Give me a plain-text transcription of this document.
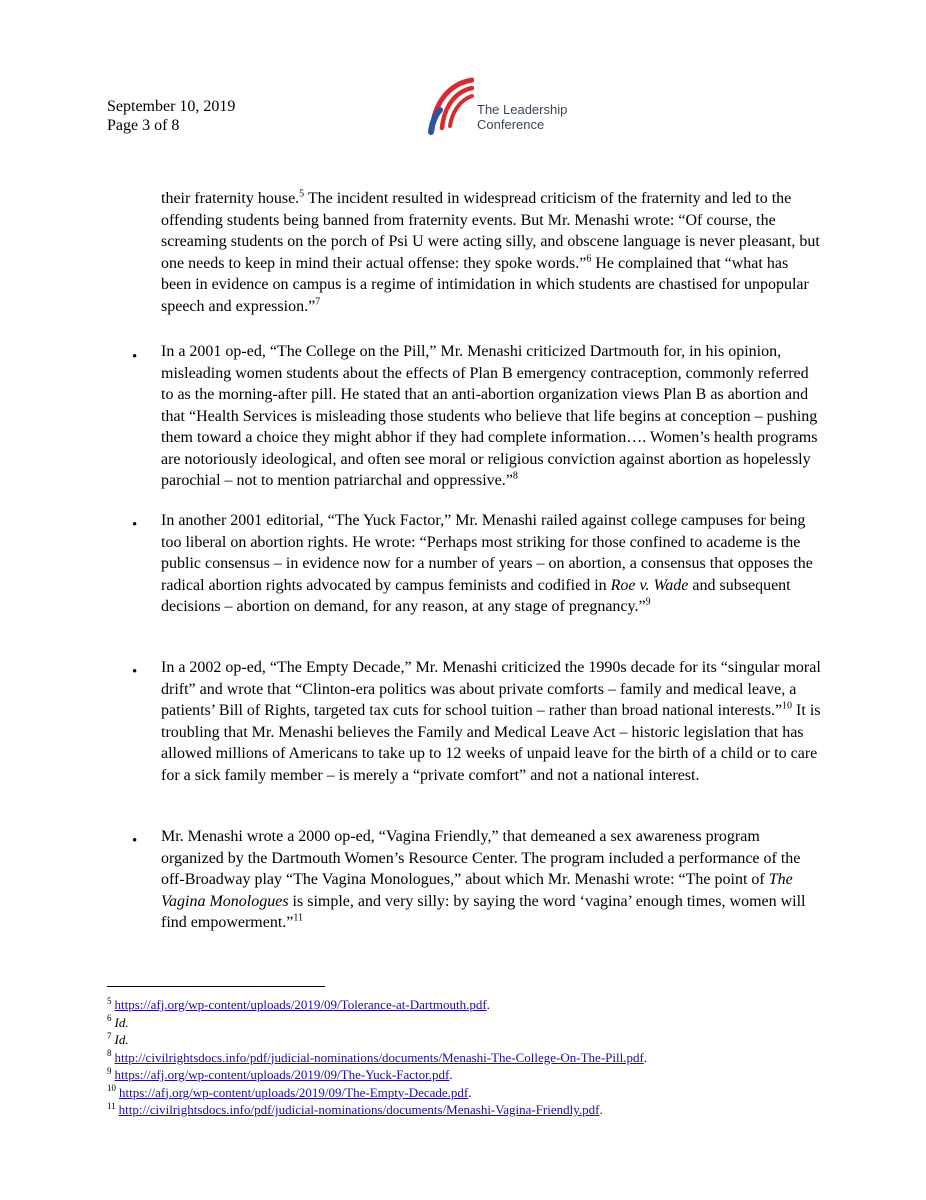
September 10, 2019
Page 3 of 8
The Leadership
Conference
their fraternity house.$^5$ The incident resulted in widespread criticism of the fraternity and led to the offending students being banned from fraternity events. But Mr. Menashi wrote: “Of course, the screaming students on the porch of Psi U were acting silly, and obscene language is never pleasant, but one needs to keep in mind their actual offense: they spoke words.”$^6$ He complained that “what has been in evidence on campus is a regime of intimidation in which students are chastised for unpopular speech and expression.”$^7$
• In a 2001 op-ed, “The College on the Pill,” Mr. Menashi criticized Dartmouth for, in his opinion, misleading women students about the effects of Plan B emergency contraception, commonly referred to as the morning-after pill. He stated that an anti-abortion organization views Plan B as abortion and that “Health Services is misleading those students who believe that life begins at conception – pushing them toward a choice they might abhor if they had complete information…. Women’s health programs are notoriously ideological, and often see moral or religious conviction against abortion as hopelessly parochial – not to mention patriarchal and oppressive.”$^8$
• In another 2001 editorial, “The Yuck Factor,” Mr. Menashi railed against college campuses for being too liberal on abortion rights. He wrote: “Perhaps most striking for those confined to academe is the public consensus – in evidence now for a number of years – on abortion, a consensus that opposes the radical abortion rights advocated by campus feminists and codified in Roe v. Wade and subsequent decisions – abortion on demand, for any reason, at any stage of pregnancy.”$^9$
• In a 2002 op-ed, “The Empty Decade,” Mr. Menashi criticized the 1990s decade for its “singular moral drift” and wrote that “Clinton-era politics was about private comforts – family and medical leave, a patients’ Bill of Rights, targeted tax cuts for school tuition – rather than broad national interests.”$^{10}$ It is troubling that Mr. Menashi believes the Family and Medical Leave Act – historic legislation that has allowed millions of Americans to take up to 12 weeks of unpaid leave for the birth of a child or to care for a sick family member – is merely a “private comfort” and not a national interest.
• Mr. Menashi wrote a 2000 op-ed, “Vagina Friendly,” that demeaned a sex awareness program organized by the Dartmouth Women’s Resource Center. The program included a performance of the off-Broadway play “The Vagina Monologues,” about which Mr. Menashi wrote: “The point of The Vagina Monologues is simple, and very silly: by saying the word ‘vagina’ enough times, women will find empowerment.”$^{11}$
$^5$ https://afj.org/wp-content/uploads/2019/09/Tolerance-at-Dartmouth.pdf.
$^6$ Id.
$^7$ Id.
$^8$ http://civilrightsdocs.info/pdf/judicial-nominations/documents/Menashi-The-College-On-The-Pill.pdf.
$^9$ https://afj.org/wp-content/uploads/2019/09/The-Yuck-Factor.pdf.
$^{10}$ https://afj.org/wp-content/uploads/2019/09/The-Empty-Decade.pdf.
$^{11}$ http://civilrightsdocs.info/pdf/judicial-nominations/documents/Menashi-Vagina-Friendly.pdf.
